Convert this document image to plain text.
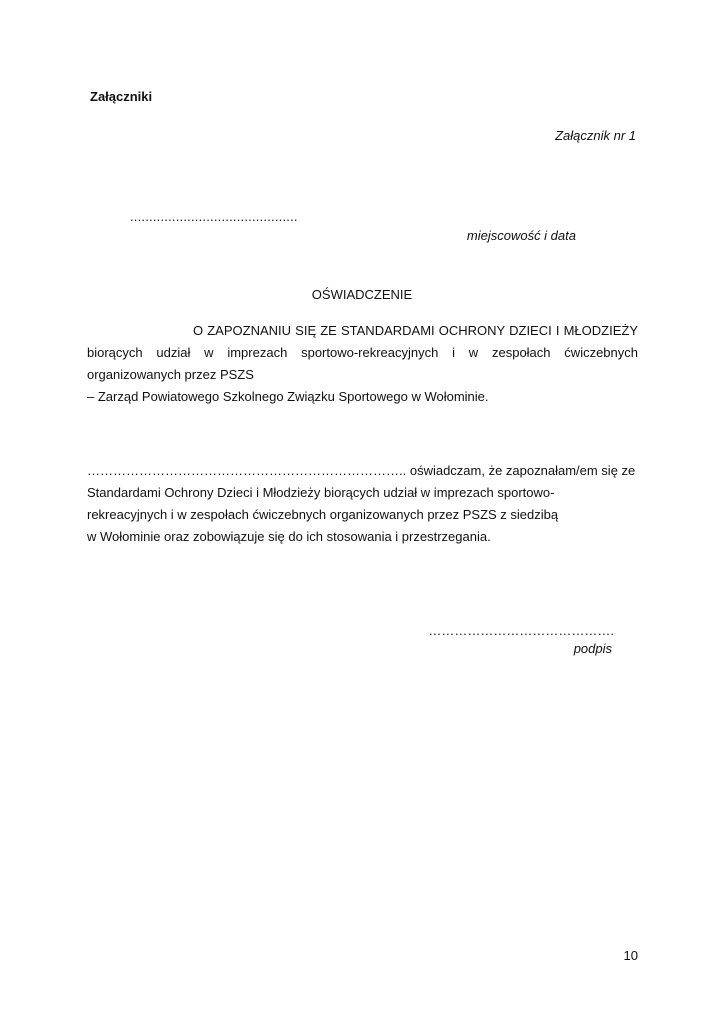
Załączniki
Załącznik nr 1
............................................
miejscowość i data
OŚWIADCZENIE
O ZAPOZNANIU SIĘ ZE STANDARDAMI OCHRONY DZIECI I MŁODZIEŻY
biorących udział w imprezach sportowo-rekreacyjnych i w zespołach ćwiczebnych
organizowanych przez PSZS
– Zarząd Powiatowego Szkolnego Związku Sportowego w Wołominie.
……………………………………………………………….. oświadczam, że zapoznałam/em się ze
Standardami Ochrony Dzieci i Młodzieży biorących udział w imprezach sportowo-
rekreacyjnych i w zespołach ćwiczebnych organizowanych przez PSZS z siedzibą
w Wołominie oraz zobowiązuje się do ich stosowania i przestrzegania.
…………………………………….
podpis
10
